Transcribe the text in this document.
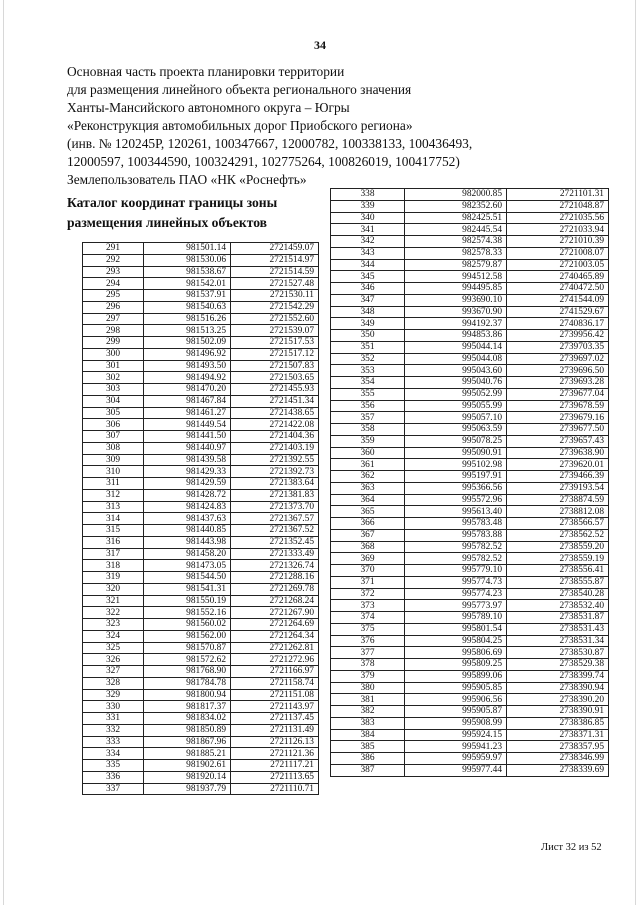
34
Основная часть проекта планировки территории
для размещения линейного объекта регионального значения
Ханты-Мансийского автономного округа – Югры
«Реконструкция автомобильных дорог Приобского региона»
(инв. № 120245Р, 120261, 100347667, 12000782, 100338133, 100436493,
12000597, 100344590, 100324291, 102775264, 100826019, 100417752)
Землепользователь ПАО «НК «Роснефть»
Каталог координат границы зоны
размещения линейных объектов
291	981501.14	2721459.07
292	981530.06	2721514.97
293	981538.67	2721514.59
294	981542.01	2721527.48
295	981537.91	2721530.11
296	981540.63	2721542.29
297	981516.26	2721552.60
298	981513.25	2721539.07
299	981502.09	2721517.53
300	981496.92	2721517.12
301	981493.50	2721507.83
302	981494.92	2721503.65
303	981470.20	2721455.93
304	981467.84	2721451.34
305	981461.27	2721438.65
306	981449.54	2721422.08
307	981441.50	2721404.36
308	981440.97	2721403.19
309	981439.58	2721392.55
310	981429.33	2721392.73
311	981429.59	2721383.64
312	981428.72	2721381.83
313	981424.83	2721373.70
314	981437.63	2721367.57
315	981440.85	2721367.52
316	981443.98	2721352.45
317	981458.20	2721333.49
318	981473.05	2721326.74
319	981544.50	2721288.16
320	981541.31	2721269.78
321	981550.19	2721268.24
322	981552.16	2721267.90
323	981560.02	2721264.69
324	981562.00	2721264.34
325	981570.87	2721262.81
326	981572.62	2721272.96
327	981768.90	2721166.97
328	981784.78	2721158.74
329	981800.94	2721151.08
330	981817.37	2721143.97
331	981834.02	2721137.45
332	981850.89	2721131.49
333	981867.96	2721126.13
334	981885.21	2721121.36
335	981902.61	2721117.21
336	981920.14	2721113.65
337	981937.79	2721110.71
338	982000.85	2721101.31
339	982352.60	2721048.87
340	982425.51	2721035.56
341	982445.54	2721033.94
342	982574.38	2721010.39
343	982578.33	2721008.07
344	982579.87	2721003.05
345	994512.58	2740465.89
346	994495.85	2740472.50
347	993690.10	2741544.09
348	993670.90	2741529.67
349	994192.37	2740836.17
350	994853.86	2739956.42
351	995044.14	2739703.35
352	995044.08	2739697.02
353	995043.60	2739696.50
354	995040.76	2739693.28
355	995052.99	2739677.04
356	995055.99	2739678.59
357	995057.10	2739679.16
358	995063.59	2739677.50
359	995078.25	2739657.43
360	995090.91	2739638.90
361	995102.98	2739620.01
362	995197.91	2739466.39
363	995366.56	2739193.54
364	995572.96	2738874.59
365	995613.40	2738812.08
366	995783.48	2738566.57
367	995783.88	2738562.52
368	995782.52	2738559.20
369	995782.52	2738559.19
370	995779.10	2738556.41
371	995774.73	2738555.87
372	995774.23	2738540.28
373	995773.97	2738532.40
374	995789.10	2738531.87
375	995801.54	2738531.43
376	995804.25	2738531.34
377	995806.69	2738530.87
378	995809.25	2738529.38
379	995899.06	2738399.74
380	995905.85	2738390.94
381	995906.56	2738390.20
382	995905.87	2738390.91
383	995908.99	2738386.85
384	995924.15	2738371.31
385	995941.23	2738357.95
386	995959.97	2738346.99
387	995977.44	2738339.69
Лист 32 из 52
